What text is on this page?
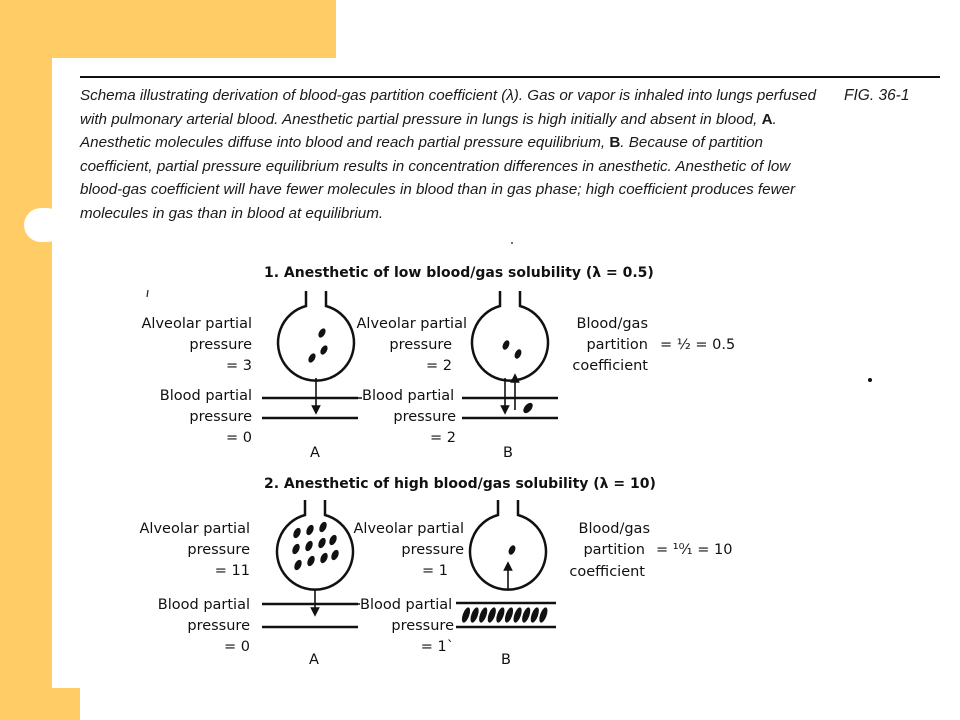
Schema illustrating derivation of blood-gas partition coefficient (λ). Gas or vapor is inhaled into lungs perfused with pulmonary arterial blood. Anesthetic partial pressure in lungs is high initially and absent in blood, A. Anesthetic molecules diffuse into blood and reach partial pressure equilibrium, B. Because of partition coefficient, partial pressure equilibrium results in concentration differences in anesthetic. Anesthetic of low blood-gas coefficient will have fewer molecules in blood than in gas phase; high coefficient produces fewer molecules in gas than in blood at equilibrium.

FIG. 36-1
1. Anesthetic of low blood/gas solubility (λ = 0.5)
Alveolar partial
pressure
= 3
Blood partial
pressure
= 0
A
Alveolar partial
pressure
= 2
Blood partial
pressure
= 2
B
Blood/gas
partition
coefficient
= ½ = 0.5
2. Anesthetic of high blood/gas solubility (λ = 10)
Alveolar partial
pressure
= 11
Blood partial
pressure
= 0
A
Alveolar partial
pressure
= 1
Blood partial
pressure
= 1`
B
Blood/gas
partition
coefficient
= ¹⁰⁄₁ = 10
